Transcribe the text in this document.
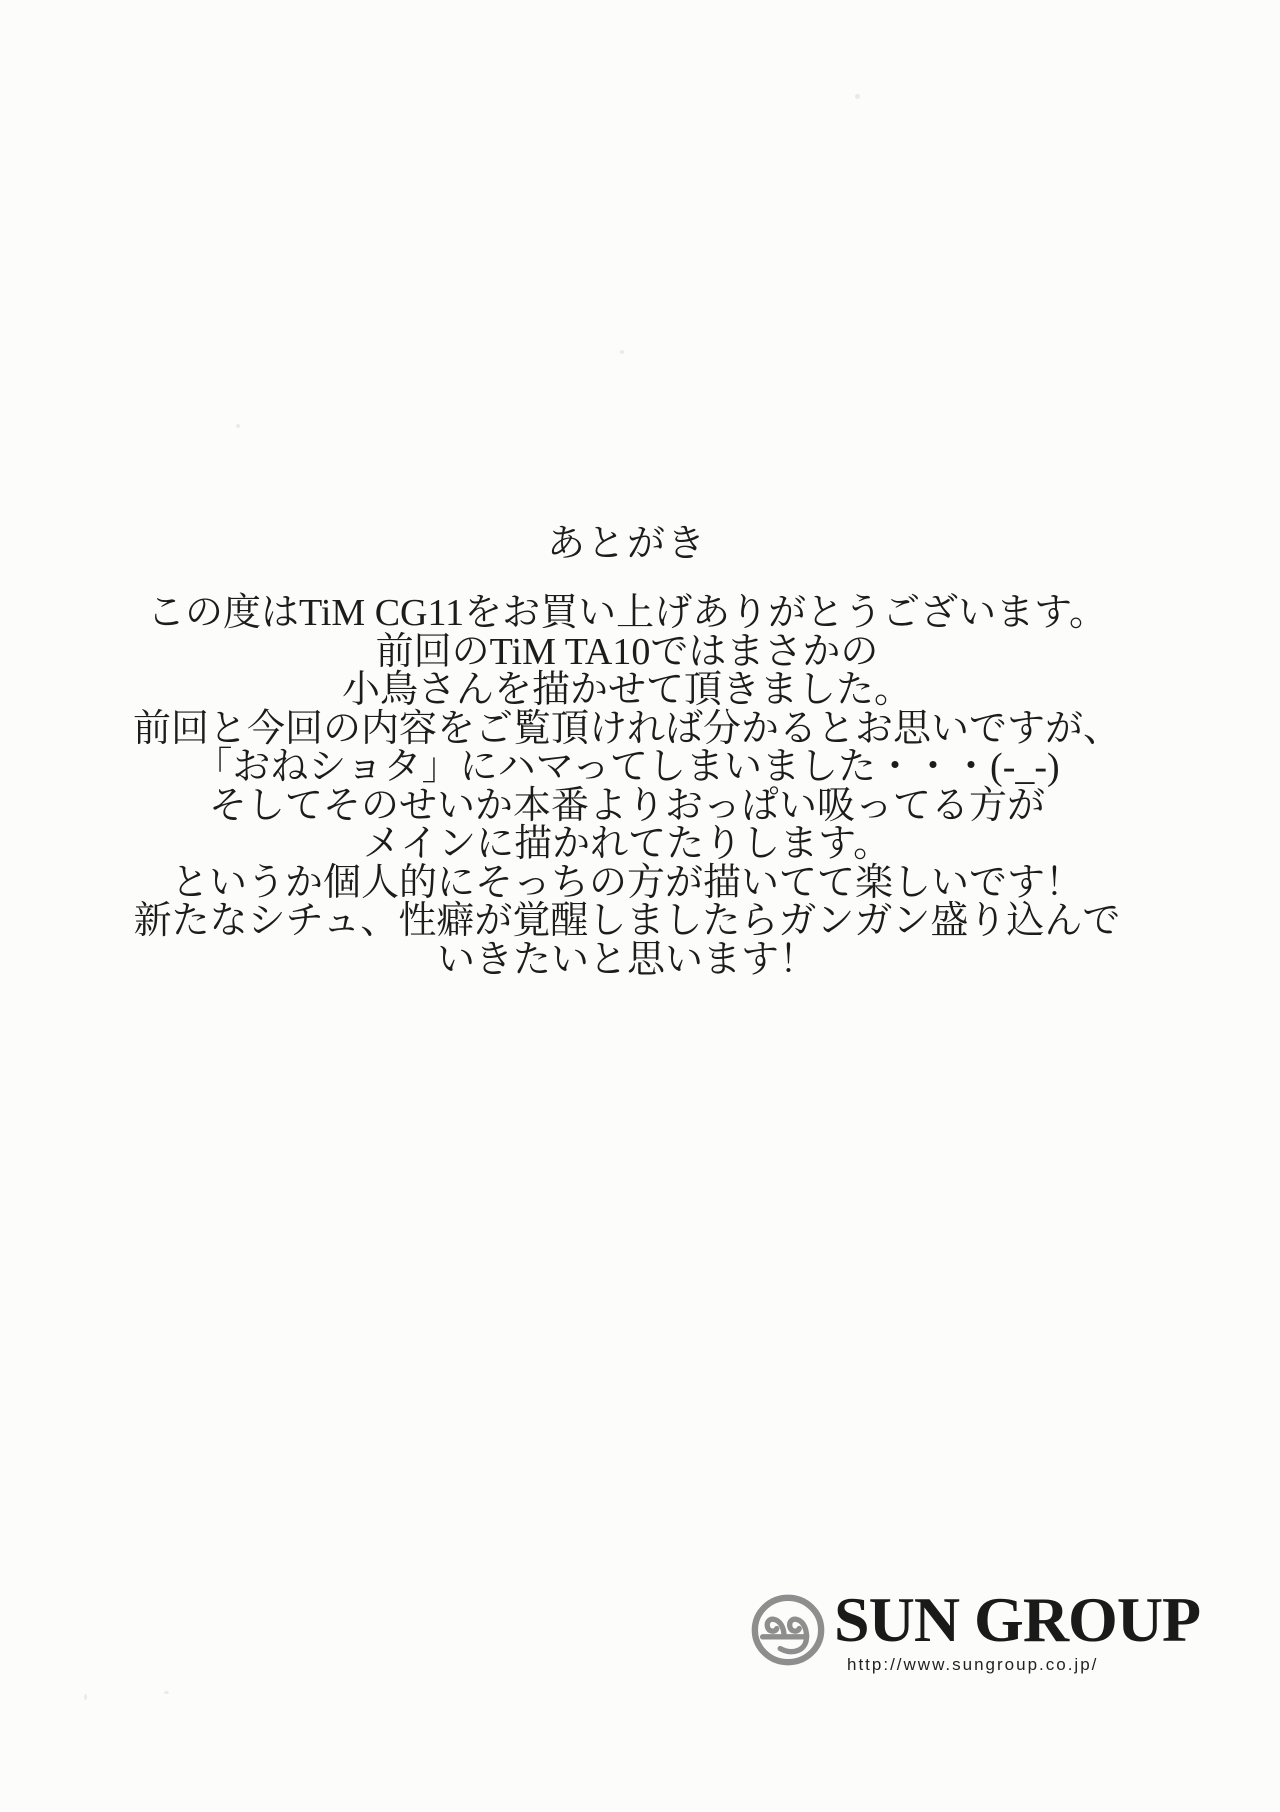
あとがき
この度はTiM CG11をお買い上げありがとうございます。
前回のTiM TA10ではまさかの
小鳥さんを描かせて頂きました。
前回と今回の内容をご覧頂ければ分かるとお思いですが、
「おねショタ」にハマってしまいました・・・(-_-)
そしてそのせいか本番よりおっぱい吸ってる方が
メインに描かれてたりします。
というか個人的にそっちの方が描いてて楽しいです！
新たなシチュ、性癖が覚醒しましたらガンガン盛り込んで
いきたいと思います！
SUN GROUP
http://www.sungroup.co.jp/
